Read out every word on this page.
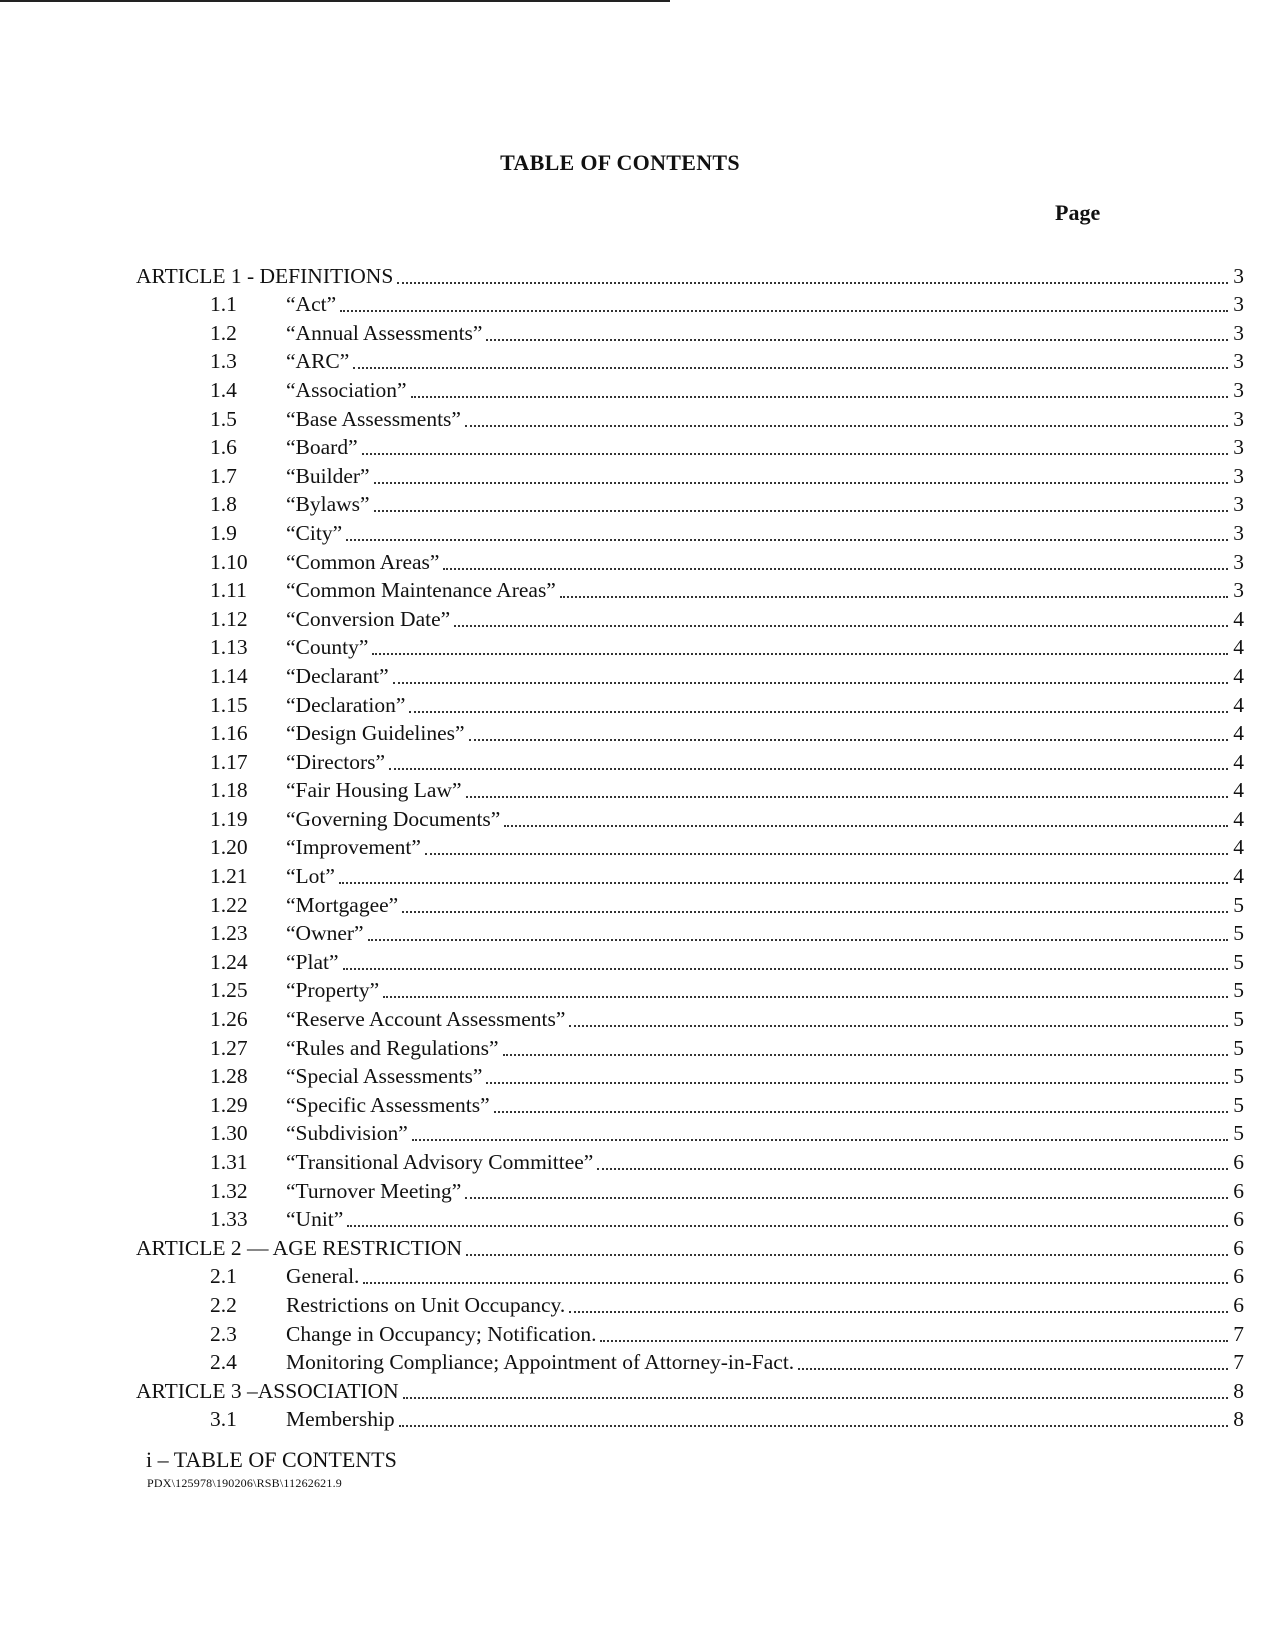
TABLE OF CONTENTS
Page
ARTICLE 1 - DEFINITIONS	3
1.1	“Act”	3
1.2	“Annual Assessments”	3
1.3	“ARC”	3
1.4	“Association”	3
1.5	“Base Assessments”	3
1.6	“Board”	3
1.7	“Builder”	3
1.8	“Bylaws”	3
1.9	“City”	3
1.10	“Common Areas”	3
1.11	“Common Maintenance Areas”	3
1.12	“Conversion Date”	4
1.13	“County”	4
1.14	“Declarant”	4
1.15	“Declaration”	4
1.16	“Design Guidelines”	4
1.17	“Directors”	4
1.18	“Fair Housing Law”	4
1.19	“Governing Documents”	4
1.20	“Improvement”	4
1.21	“Lot”	4
1.22	“Mortgagee”	5
1.23	“Owner”	5
1.24	“Plat”	5
1.25	“Property”	5
1.26	“Reserve Account Assessments”	5
1.27	“Rules and Regulations”	5
1.28	“Special Assessments”	5
1.29	“Specific Assessments”	5
1.30	“Subdivision”	5
1.31	“Transitional Advisory Committee”	6
1.32	“Turnover Meeting”	6
1.33	“Unit”	6
ARTICLE 2 — AGE RESTRICTION	6
2.1	General.	6
2.2	Restrictions on Unit Occupancy.	6
2.3	Change in Occupancy; Notification.	7
2.4	Monitoring Compliance; Appointment of Attorney-in-Fact.	7
ARTICLE 3 –ASSOCIATION	8
3.1	Membership	8
i – TABLE OF CONTENTS
PDX\125978\190206\RSB\11262621.9
